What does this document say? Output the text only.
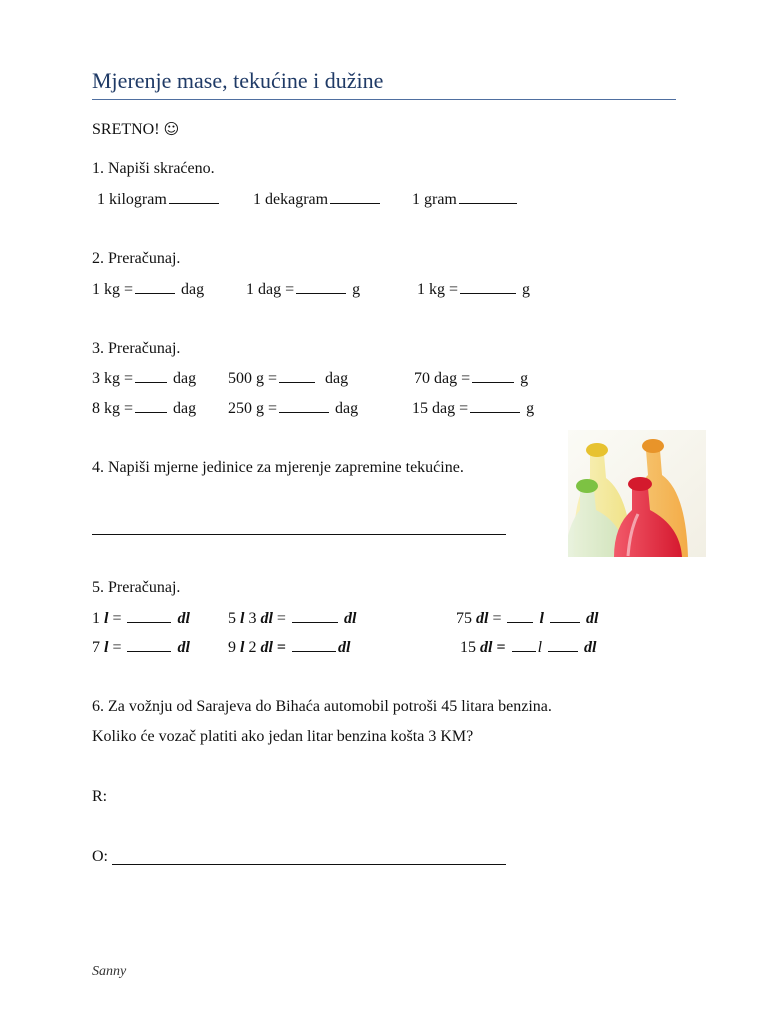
Mjerenje mase, tekućine i dužine
SRETNO! ☺
1. Napiši skraćeno.
1 kilogram	1 dekagram	1 gram
2. Preračunaj.
1 kg =	dag	1 dag =	g	1 kg =	g
3. Preračunaj.
3 kg =	dag 500 g =	dag	70 dag =	g
8 kg =	dag 250 g =	dag	15 dag =	g
4. Napiši mjerne jedinice za mjerenje zapremine tekućine.
5. Preračunaj.
1 l =	dl 5 l 3 dl =	dl	75 dl = l	dl
7 l =	dl 9 l 2 dl =	dl	15 dl = l	dl
6. Za vožnju od Sarajeva do Bihaća automobil potroši 45 litara benzina.
Koliko će vozač platiti ako jedan litar benzina košta 3 KM?
R:
O:
Sanny
